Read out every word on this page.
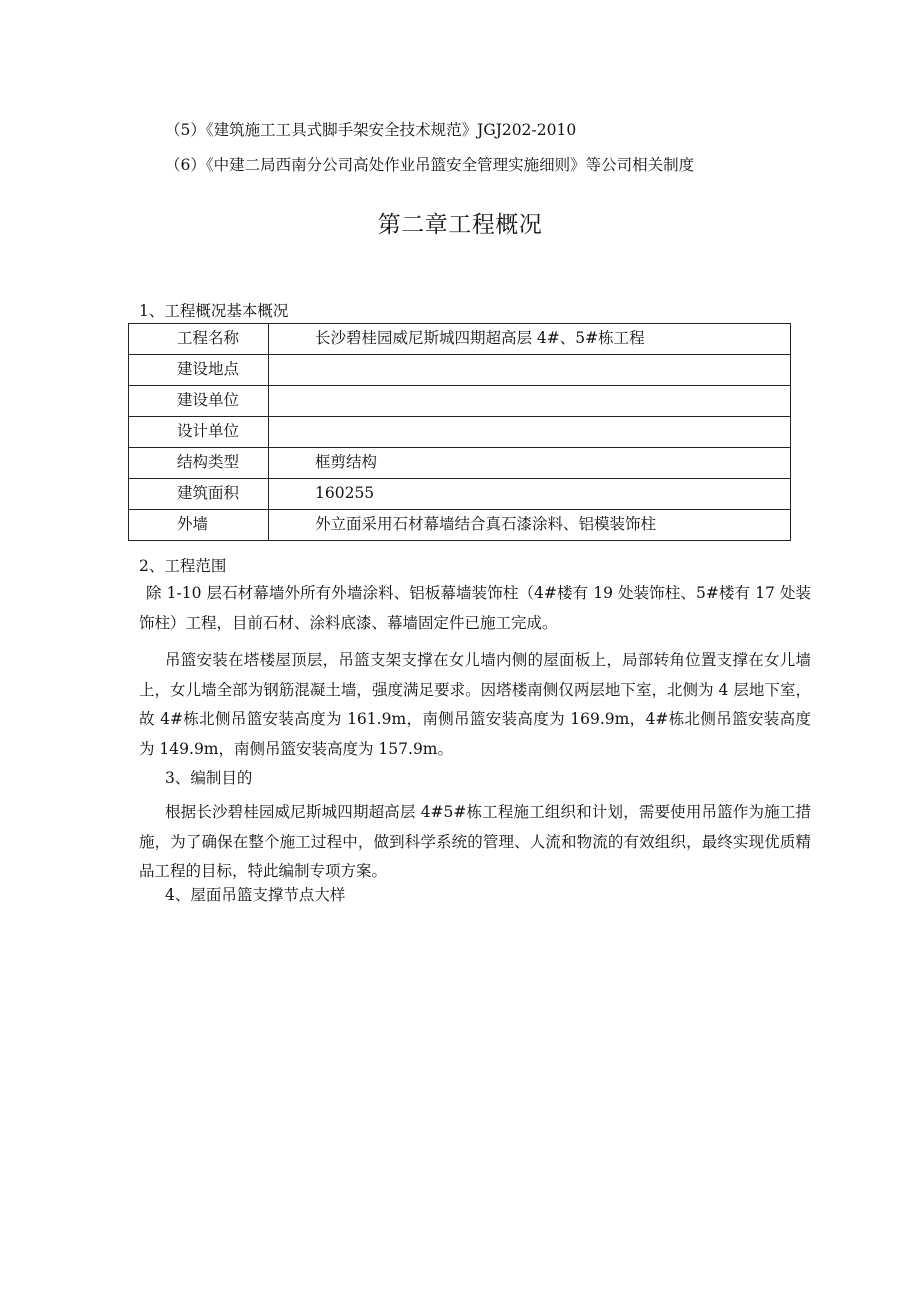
（5）《建筑施工工具式脚手架安全技术规范》JGJ202-2010
（6）《中建二局西南分公司高处作业吊篮安全管理实施细则》等公司相关制度
第二章工程概况
1、工程概况基本概况
工程名称	长沙碧桂园威尼斯城四期超高层 4#、5#栋工程
建设地点	
建设单位	
设计单位	
结构类型	框剪结构
建筑面积	160255
外墙	外立面采用石材幕墙结合真石漆涂料、铝模装饰柱
2、工程范围
除 1-10 层石材幕墙外所有外墙涂料、铝板幕墙装饰柱（4#楼有 19 处装饰柱、5#楼有 17 处装饰柱）工程，目前石材、涂料底漆、幕墙固定件已施工完成。
吊篮安装在塔楼屋顶层，吊篮支架支撑在女儿墙内侧的屋面板上，局部转角位置支撑在女儿墙上，女儿墙全部为钢筋混凝土墙，强度满足要求。因塔楼南侧仅两层地下室，北侧为 4 层地下室，故 4#栋北侧吊篮安装高度为 161.9m，南侧吊篮安装高度为 169.9m，4#栋北侧吊篮安装高度为 149.9m，南侧吊篮安装高度为 157.9m。
3、编制目的
根据长沙碧桂园威尼斯城四期超高层 4#5#栋工程施工组织和计划，需要使用吊篮作为施工措施，为了确保在整个施工过程中，做到科学系统的管理、人流和物流的有效组织，最终实现优质精品工程的目标，特此编制专项方案。
4、屋面吊篮支撑节点大样
